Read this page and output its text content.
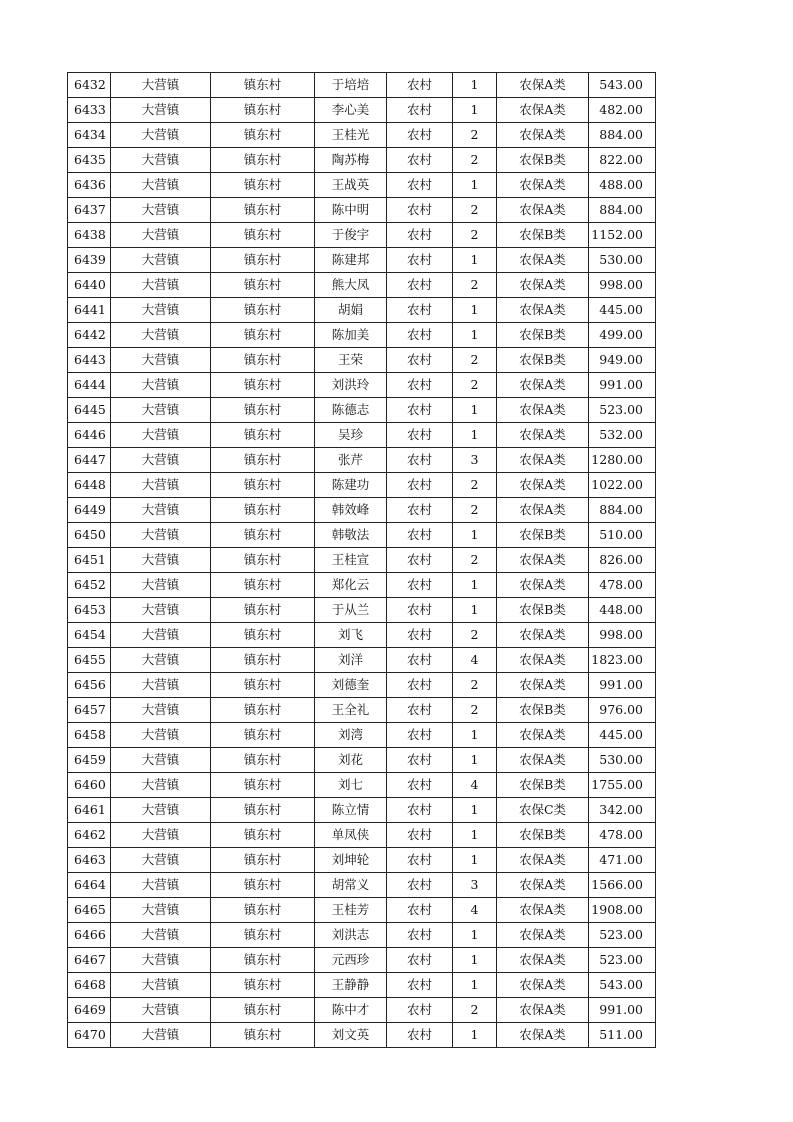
6432	大营镇	镇东村	于培培	农村	1	农保A类	543.00
6433	大营镇	镇东村	李心美	农村	1	农保A类	482.00
6434	大营镇	镇东村	王桂光	农村	2	农保A类	884.00
6435	大营镇	镇东村	陶苏梅	农村	2	农保B类	822.00
6436	大营镇	镇东村	王战英	农村	1	农保A类	488.00
6437	大营镇	镇东村	陈中明	农村	2	农保A类	884.00
6438	大营镇	镇东村	于俊宇	农村	2	农保B类	1152.00
6439	大营镇	镇东村	陈建邦	农村	1	农保A类	530.00
6440	大营镇	镇东村	熊大凤	农村	2	农保A类	998.00
6441	大营镇	镇东村	胡娟	农村	1	农保A类	445.00
6442	大营镇	镇东村	陈加美	农村	1	农保B类	499.00
6443	大营镇	镇东村	王荣	农村	2	农保B类	949.00
6444	大营镇	镇东村	刘洪玲	农村	2	农保A类	991.00
6445	大营镇	镇东村	陈德志	农村	1	农保A类	523.00
6446	大营镇	镇东村	吴珍	农村	1	农保A类	532.00
6447	大营镇	镇东村	张芹	农村	3	农保A类	1280.00
6448	大营镇	镇东村	陈建功	农村	2	农保A类	1022.00
6449	大营镇	镇东村	韩效峰	农村	2	农保A类	884.00
6450	大营镇	镇东村	韩敬法	农村	1	农保B类	510.00
6451	大营镇	镇东村	王桂宣	农村	2	农保A类	826.00
6452	大营镇	镇东村	郑化云	农村	1	农保A类	478.00
6453	大营镇	镇东村	于从兰	农村	1	农保B类	448.00
6454	大营镇	镇东村	刘飞	农村	2	农保A类	998.00
6455	大营镇	镇东村	刘洋	农村	4	农保A类	1823.00
6456	大营镇	镇东村	刘德奎	农村	2	农保A类	991.00
6457	大营镇	镇东村	王全礼	农村	2	农保B类	976.00
6458	大营镇	镇东村	刘湾	农村	1	农保A类	445.00
6459	大营镇	镇东村	刘花	农村	1	农保A类	530.00
6460	大营镇	镇东村	刘七	农村	4	农保B类	1755.00
6461	大营镇	镇东村	陈立情	农村	1	农保C类	342.00
6462	大营镇	镇东村	单凤侠	农村	1	农保B类	478.00
6463	大营镇	镇东村	刘坤轮	农村	1	农保A类	471.00
6464	大营镇	镇东村	胡常义	农村	3	农保A类	1566.00
6465	大营镇	镇东村	王桂芳	农村	4	农保A类	1908.00
6466	大营镇	镇东村	刘洪志	农村	1	农保A类	523.00
6467	大营镇	镇东村	元西珍	农村	1	农保A类	523.00
6468	大营镇	镇东村	王静静	农村	1	农保A类	543.00
6469	大营镇	镇东村	陈中才	农村	2	农保A类	991.00
6470	大营镇	镇东村	刘文英	农村	1	农保A类	511.00
